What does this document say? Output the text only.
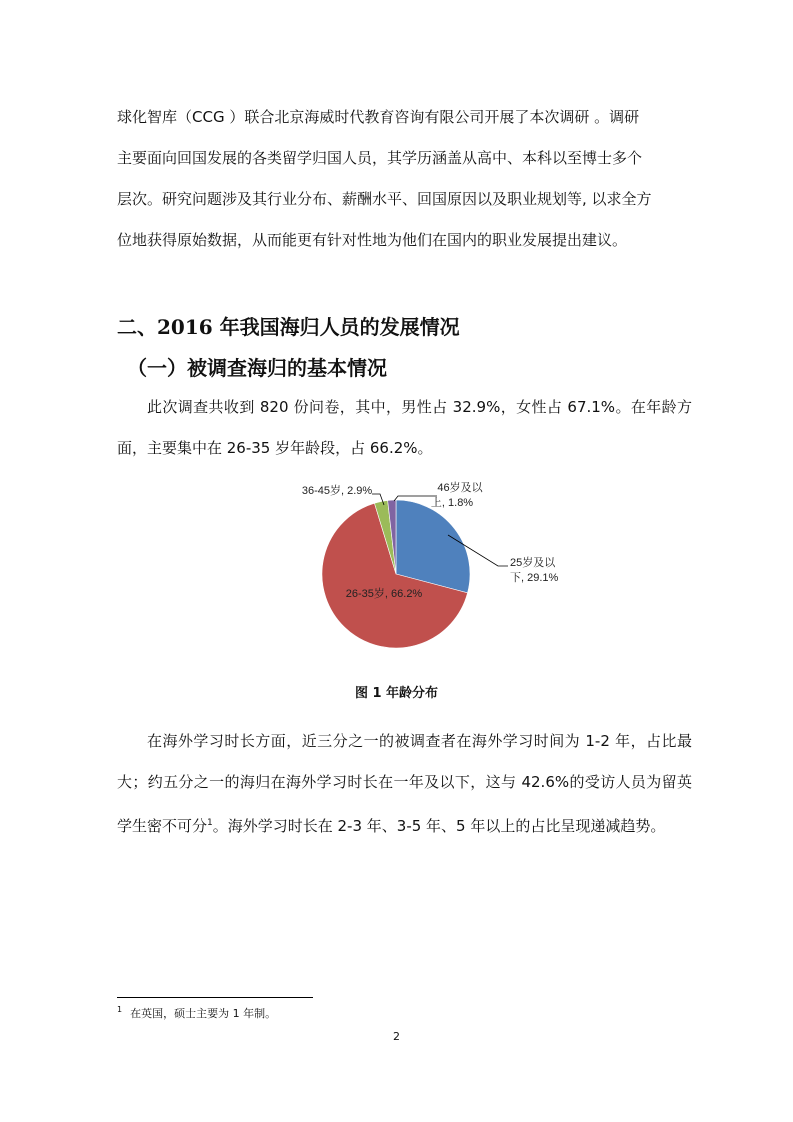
球化智库（CCG ）联合北京海威时代教育咨询有限公司开展了本次调研 。调研
主要面向回国发展的各类留学归国人员，其学历涵盖从高中、本科以至博士多个
层次。研究问题涉及其行业分布、薪酬水平、回国原因以及职业规划等, 以求全方
位地获得原始数据，从而能更有针对性地为他们在国内的职业发展提出建议。
二、2016 年我国海归人员的发展情况
（一）被调查海归的基本情况

此次调查共收到 820 份问卷，其中，男性占 32.9%，女性占 67.1%。在年龄方面，主要集中在 26-35 岁年龄段，占 66.2%。

25岁及以下, 29.1%
26-35岁, 66.2%
36-45岁, 2.9%	46岁及以上, 1.8%

图 1 年龄分布

在海外学习时长方面，近三分之一的被调查者在海外学习时间为 1-2 年，占比最大；约五分之一的海归在海外学习时长在一年及以下，这与 42.6%的受访人员为留英学生密不可分$^1$。海外学习时长在 2-3 年、3-5 年、5 年以上的占比呈现递减趋势。

$^1$ 在英国，硕士主要为 1 年制。

2
